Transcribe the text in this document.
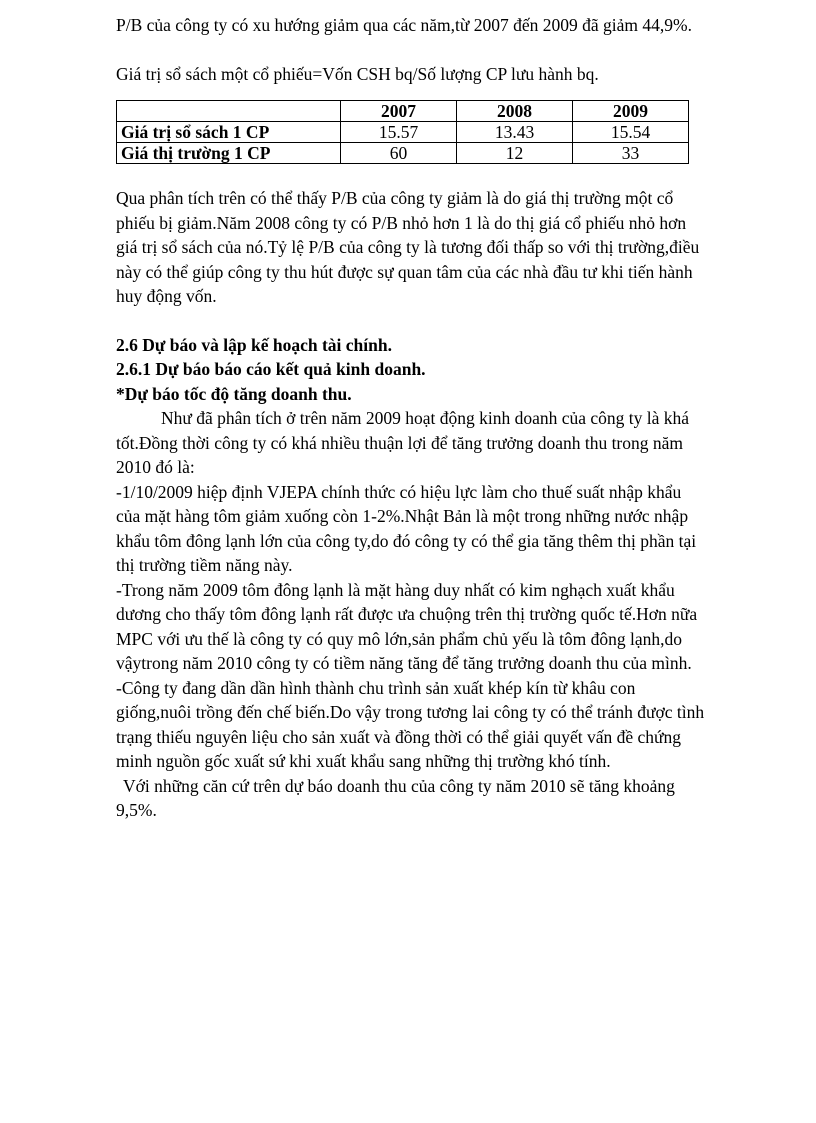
P/B của công ty có xu hướng giảm qua các năm,từ 2007 đến 2009 đã giảm 44,9%.

Giá trị sổ sách một cổ phiếu=Vốn CSH bq/Số lượng CP lưu hành bq.

	2007	2008	2009
Giá trị sổ sách 1 CP	15.57	13.43	15.54
Giá thị trường 1 CP	60	12	33

Qua phân tích trên có thể thấy P/B của công ty giảm là do giá thị trường một cổ phiếu bị giảm.Năm 2008 công ty có P/B nhỏ hơn 1 là do thị giá cổ phiếu nhỏ hơn giá trị sổ sách của nó.Tỷ lệ P/B của công ty là tương đối thấp so với thị trường,điều này có thể giúp công ty thu hút được sự quan tâm của các nhà đầu tư khi tiến hành huy động vốn.

2.6 Dự báo và lập kế hoạch tài chính.

2.6.1 Dự báo báo cáo kết quả kinh doanh.

*Dự báo tốc độ tăng doanh thu.

Như đã phân tích ở trên năm 2009 hoạt động kinh doanh của công ty là khá tốt.Đồng thời công ty có khá nhiều thuận lợi để tăng trưởng doanh thu trong năm 2010 đó là:

-1/10/2009 hiệp định VJEPA chính thức có hiệu lực làm cho thuế suất nhập khẩu của mặt hàng tôm giảm xuống còn 1-2%.Nhật Bản là một trong những nước nhập khẩu tôm đông lạnh lớn của công ty,do đó công ty có thể gia tăng thêm thị phần tại thị trường tiềm năng này.

-Trong năm 2009 tôm đông lạnh là mặt hàng duy nhất có kim nghạch xuất khẩu dương cho thấy tôm đông lạnh rất được ưa chuộng trên thị trường quốc tế.Hơn nữa MPC với ưu thế là công ty có quy mô lớn,sản phẩm chủ yếu là tôm đông lạnh,do vậytrong năm 2010 công ty có tiềm năng tăng để tăng trưởng doanh thu của mình.

-Công ty đang dần dần hình thành chu trình sản xuất khép kín từ khâu con giống,nuôi trồng đến chế biến.Do vậy trong tương lai công ty có thể tránh được tình trạng thiếu nguyên liệu cho sản xuất và đồng thời có thể giải quyết vấn đề chứng minh nguồn gốc xuất sứ khi xuất khẩu sang những thị trường khó tính.

Với những căn cứ trên dự báo doanh thu của công ty năm 2010 sẽ tăng khoảng 9,5%.
